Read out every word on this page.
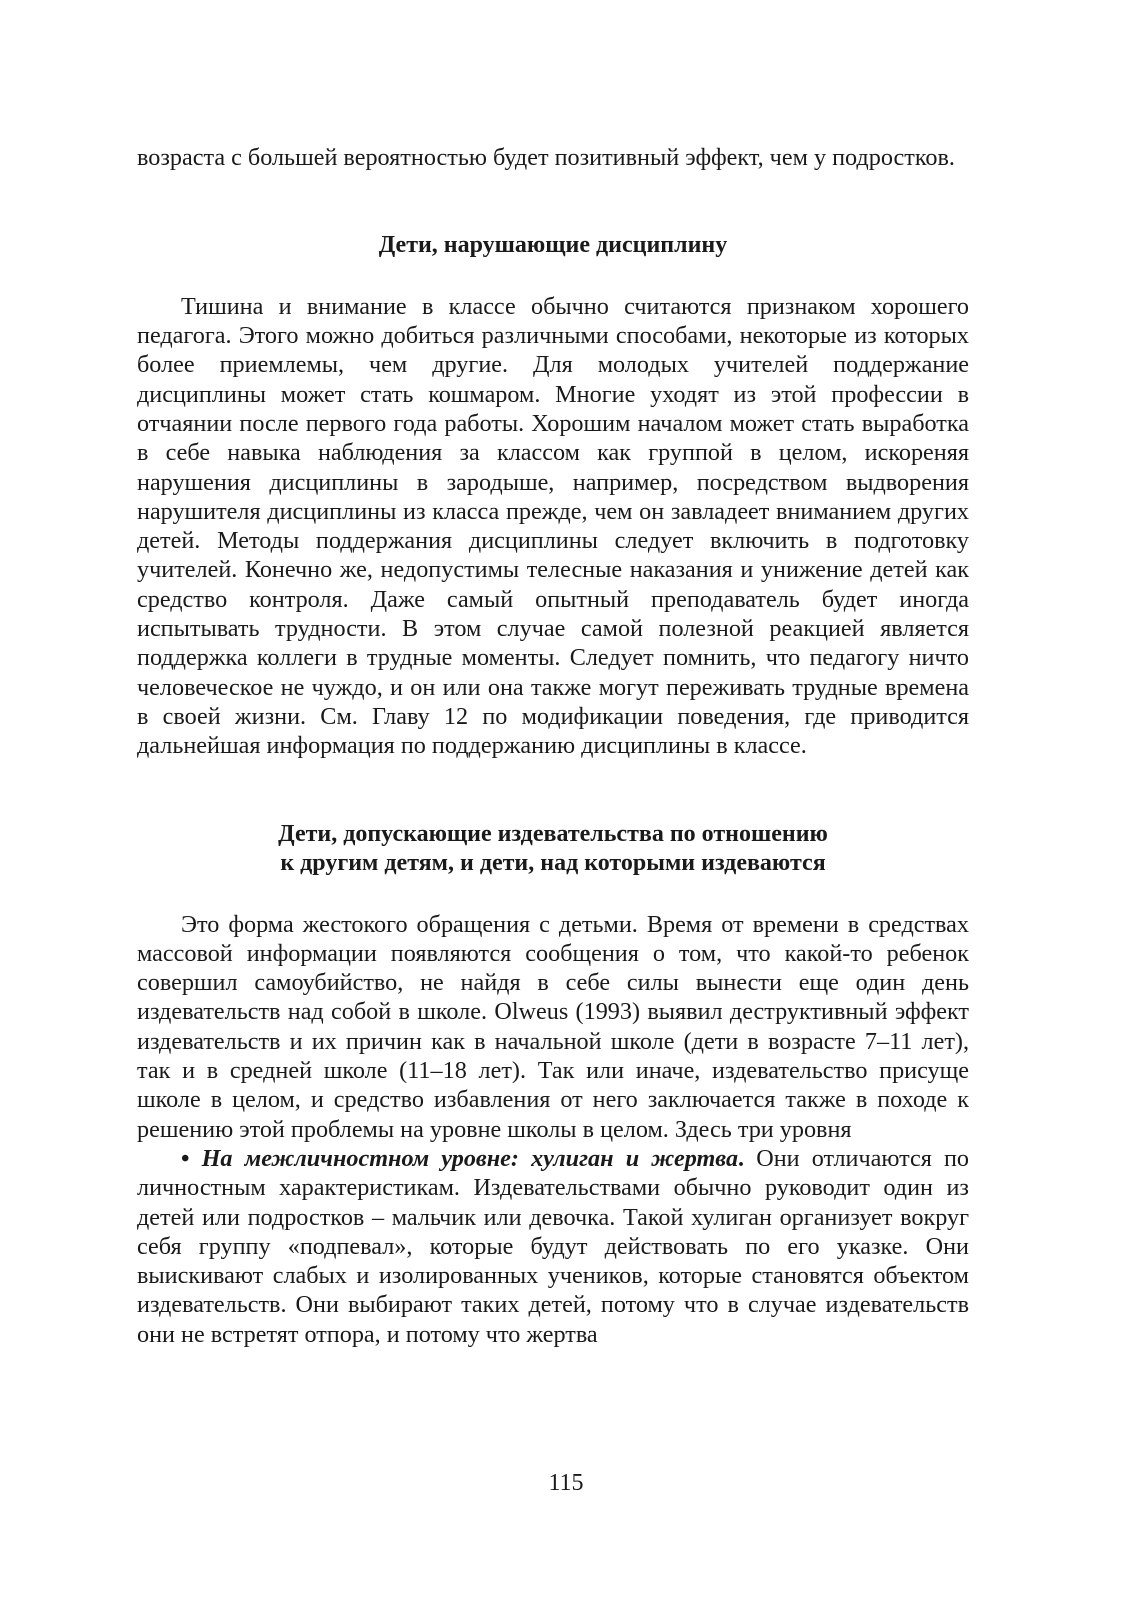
возраста с большей вероятностью будет позитивный эффект, чем у подростков.

Дети, нарушающие дисциплину

Тишина и внимание в классе обычно считаются признаком хорошего педагога. Этого можно добиться различными способами, некоторые из которых более приемлемы, чем другие. Для молодых учителей поддержание дисциплины может стать кошмаром. Многие уходят из этой профессии в отчаянии после первого года работы. Хорошим началом может стать выработка в себе навыка наблюдения за классом как группой в целом, искореняя нарушения дисциплины в зародыше, например, посредством выдворения нарушителя дисциплины из класса прежде, чем он завладеет вниманием других детей. Методы поддержания дисциплины следует включить в подготовку учителей. Конечно же, недопустимы телесные наказания и унижение детей как средство контроля. Даже самый опытный преподаватель будет иногда испытывать трудности. В этом случае самой полезной реакцией является поддержка коллеги в трудные моменты. Следует помнить, что педагогу ничто человеческое не чуждо, и он или она также могут переживать трудные времена в своей жизни. См. Главу 12 по модификации поведения, где приводится дальнейшая информация по поддержанию дисциплины в классе.

Дети, допускающие издевательства по отношению
к другим детям, и дети, над которыми издеваются

Это форма жестокого обращения с детьми. Время от времени в средствах массовой информации появляются сообщения о том, что какой-то ребенок совершил самоубийство, не найдя в себе силы вынести еще один день издевательств над собой в школе. Olweus (1993) выявил деструктивный эффект издевательств и их причин как в начальной школе (дети в возрасте 7–11 лет), так и в средней школе (11–18 лет). Так или иначе, издевательство присуще школе в целом, и средство избавления от него заключается также в походе к решению этой проблемы на уровне школы в целом. Здесь три уровня

• На межличностном уровне: хулиган и жертва. Они отличаются по личностным характеристикам. Издевательствами обычно руководит один из детей или подростков – мальчик или девочка. Такой хулиган организует вокруг себя группу «подпевал», которые будут действовать по его указке. Они выискивают слабых и изолированных учеников, которые становятся объектом издевательств. Они выбирают таких детей, потому что в случае издевательств они не встретят отпора, и потому что жертва

115
